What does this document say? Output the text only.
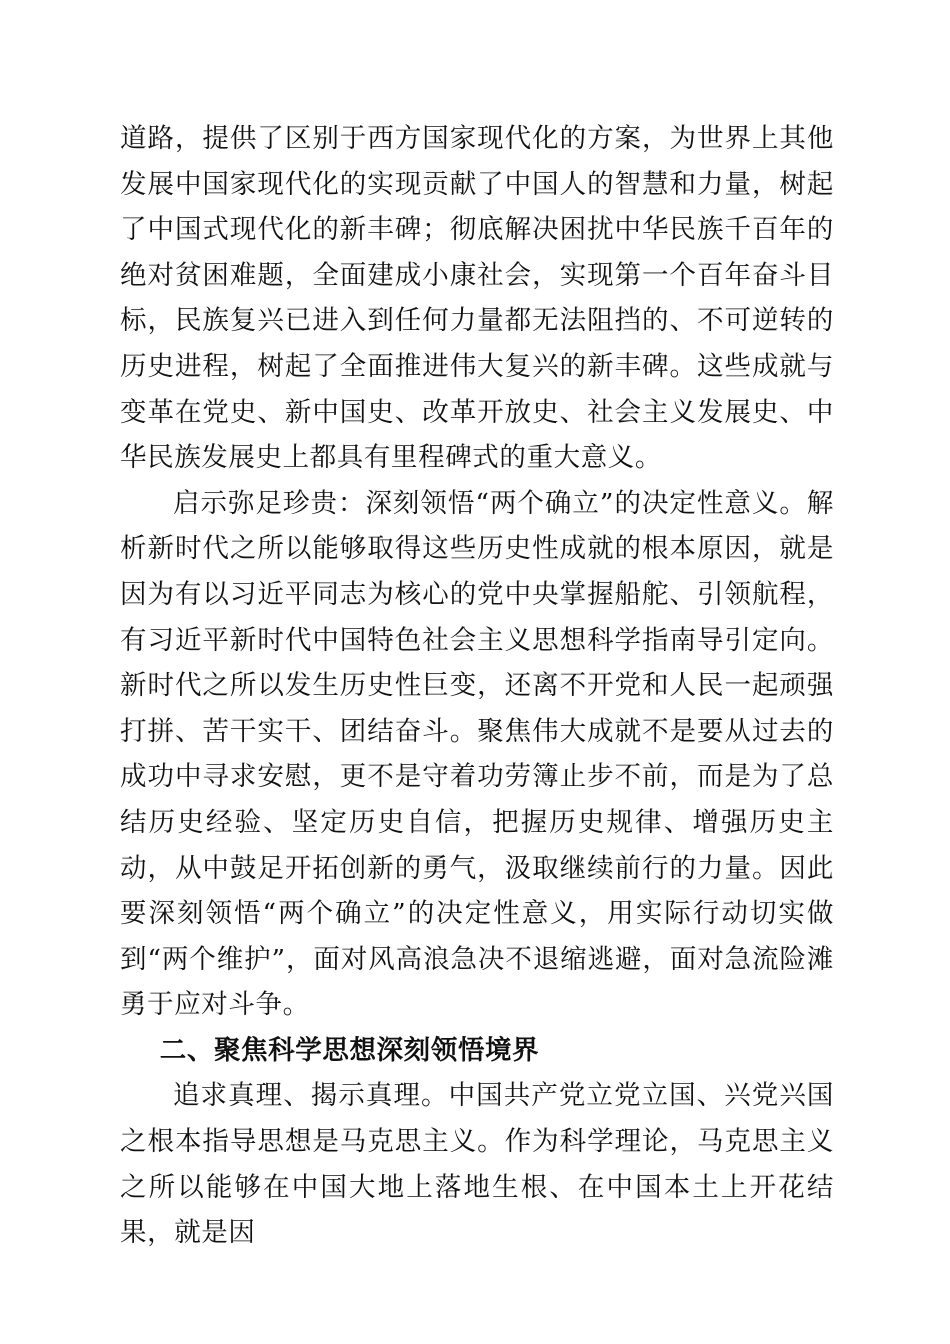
道路，提供了区别于西方国家现代化的方案，为世界上其他发展中国家现代化的实现贡献了中国人的智慧和力量，树起了中国式现代化的新丰碑；彻底解决困扰中华民族千百年的绝对贫困难题，全面建成小康社会，实现第一个百年奋斗目标，民族复兴已进入到任何力量都无法阻挡的、不可逆转的历史进程，树起了全面推进伟大复兴的新丰碑。这些成就与变革在党史、新中国史、改革开放史、社会主义发展史、中华民族发展史上都具有里程碑式的重大意义。

启示弥足珍贵：深刻领悟“两个确立”的决定性意义。解析新时代之所以能够取得这些历史性成就的根本原因，就是因为有以习近平同志为核心的党中央掌握船舵、引领航程，有习近平新时代中国特色社会主义思想科学指南导引定向。新时代之所以发生历史性巨变，还离不开党和人民一起顽强打拼、苦干实干、团结奋斗。聚焦伟大成就不是要从过去的成功中寻求安慰，更不是守着功劳簿止步不前，而是为了总结历史经验、坚定历史自信，把握历史规律、增强历史主动，从中鼓足开拓创新的勇气，汲取继续前行的力量。因此要深刻领悟“两个确立”的决定性意义，用实际行动切实做到“两个维护”，面对风高浪急决不退缩逃避，面对急流险滩勇于应对斗争。

二、聚焦科学思想深刻领悟境界

追求真理、揭示真理。中国共产党立党立国、兴党兴国之根本指导思想是马克思主义。作为科学理论，马克思主义之所以能够在中国大地上落地生根、在中国本土上开花结果，就是因
